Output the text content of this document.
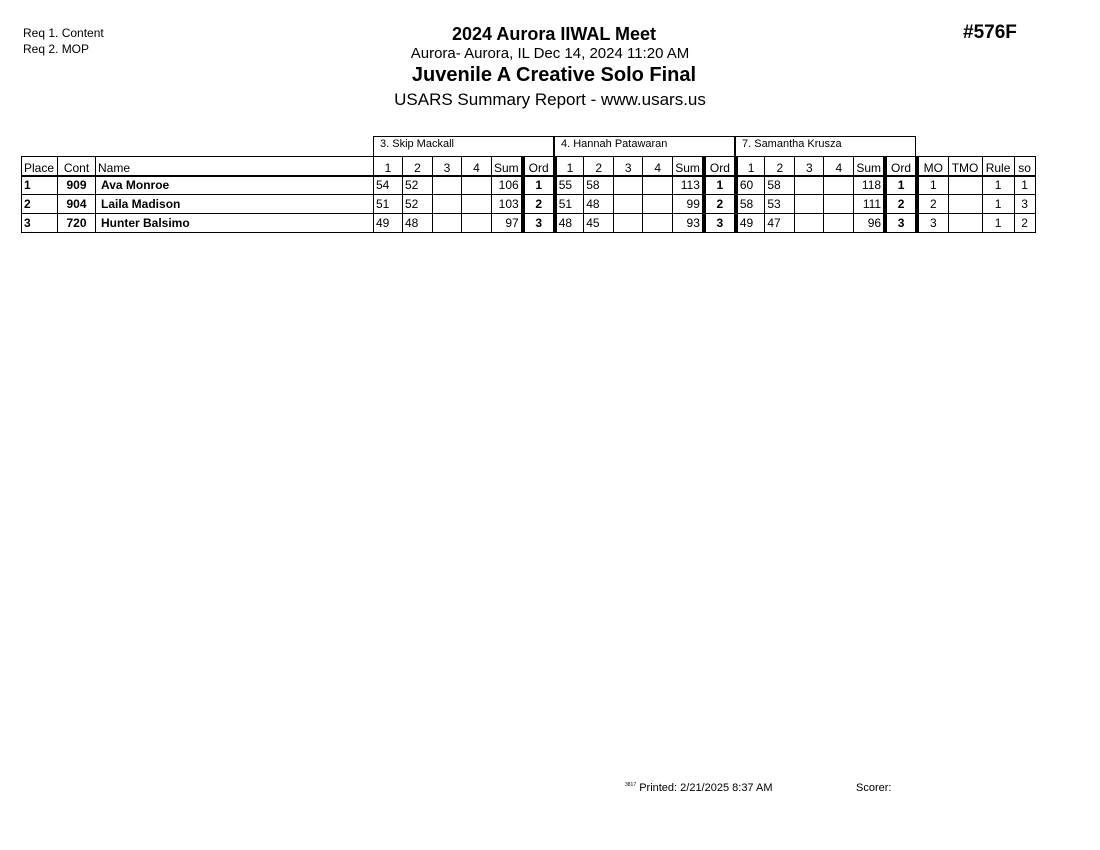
Req 1. Content
Req 2. MOP
#576F
2024 Aurora IIWAL Meet
Aurora- Aurora, IL Dec 14, 2024 11:20 AM
Juvenile A Creative Solo Final
USARS Summary Report - www.usars.us
3. Skip Mackall	4. Hannah Patawaran	7. Samantha Krusza
Place	Cont	Name	1	2	3	4	Sum	Ord	1	2	3	4	Sum	Ord	1	2	3	4	Sum	Ord	MO	TMO	Rule	so
1	909	Ava Monroe	54	52			106	1	55	58			113	1	60	58			118	1	1		1	1
2	904	Laila Madison	51	52			103	2	51	48			99	2	58	53			111	2	2		1	3
3	720	Hunter Balsimo	49	48			97	3	48	45			93	3	49	47			96	3	3		1	2
$^{3817}$ Printed: 2/21/2025 8:37 AM	Scorer:
